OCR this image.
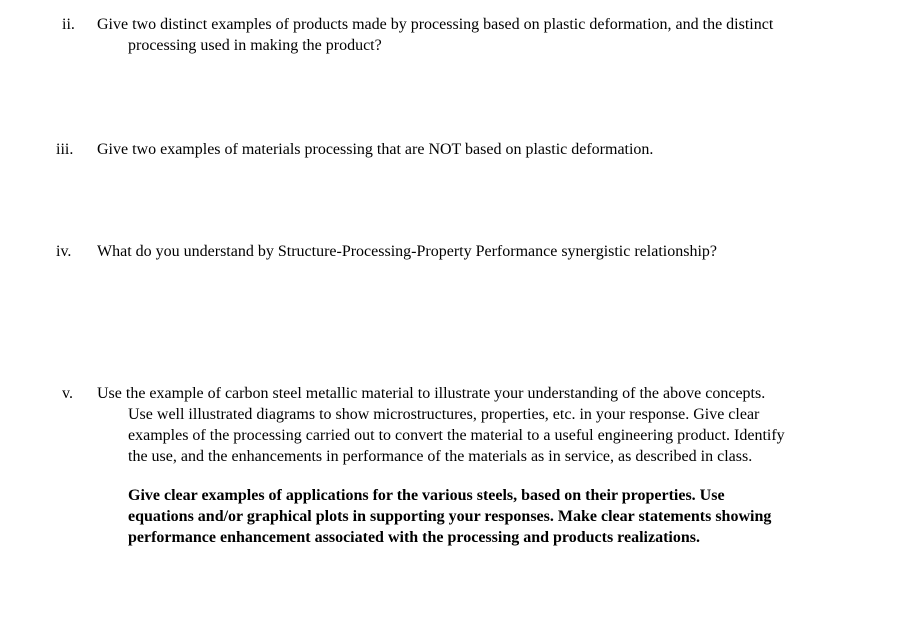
ii. Give two distinct examples of products made by processing based on plastic deformation, and the distinct
processing used in making the product?
iii. Give two examples of materials processing that are NOT based on plastic deformation.
iv. What do you understand by Structure-Processing-Property Performance synergistic relationship?
v. Use the example of carbon steel metallic material to illustrate your understanding of the above concepts.
Use well illustrated diagrams to show microstructures, properties, etc. in your response. Give clear
examples of the processing carried out to convert the material to a useful engineering product. Identify
the use, and the enhancements in performance of the materials as in service, as described in class.
Give clear examples of applications for the various steels, based on their properties. Use
equations and/or graphical plots in supporting your responses. Make clear statements showing
performance enhancement associated with the processing and products realizations.
